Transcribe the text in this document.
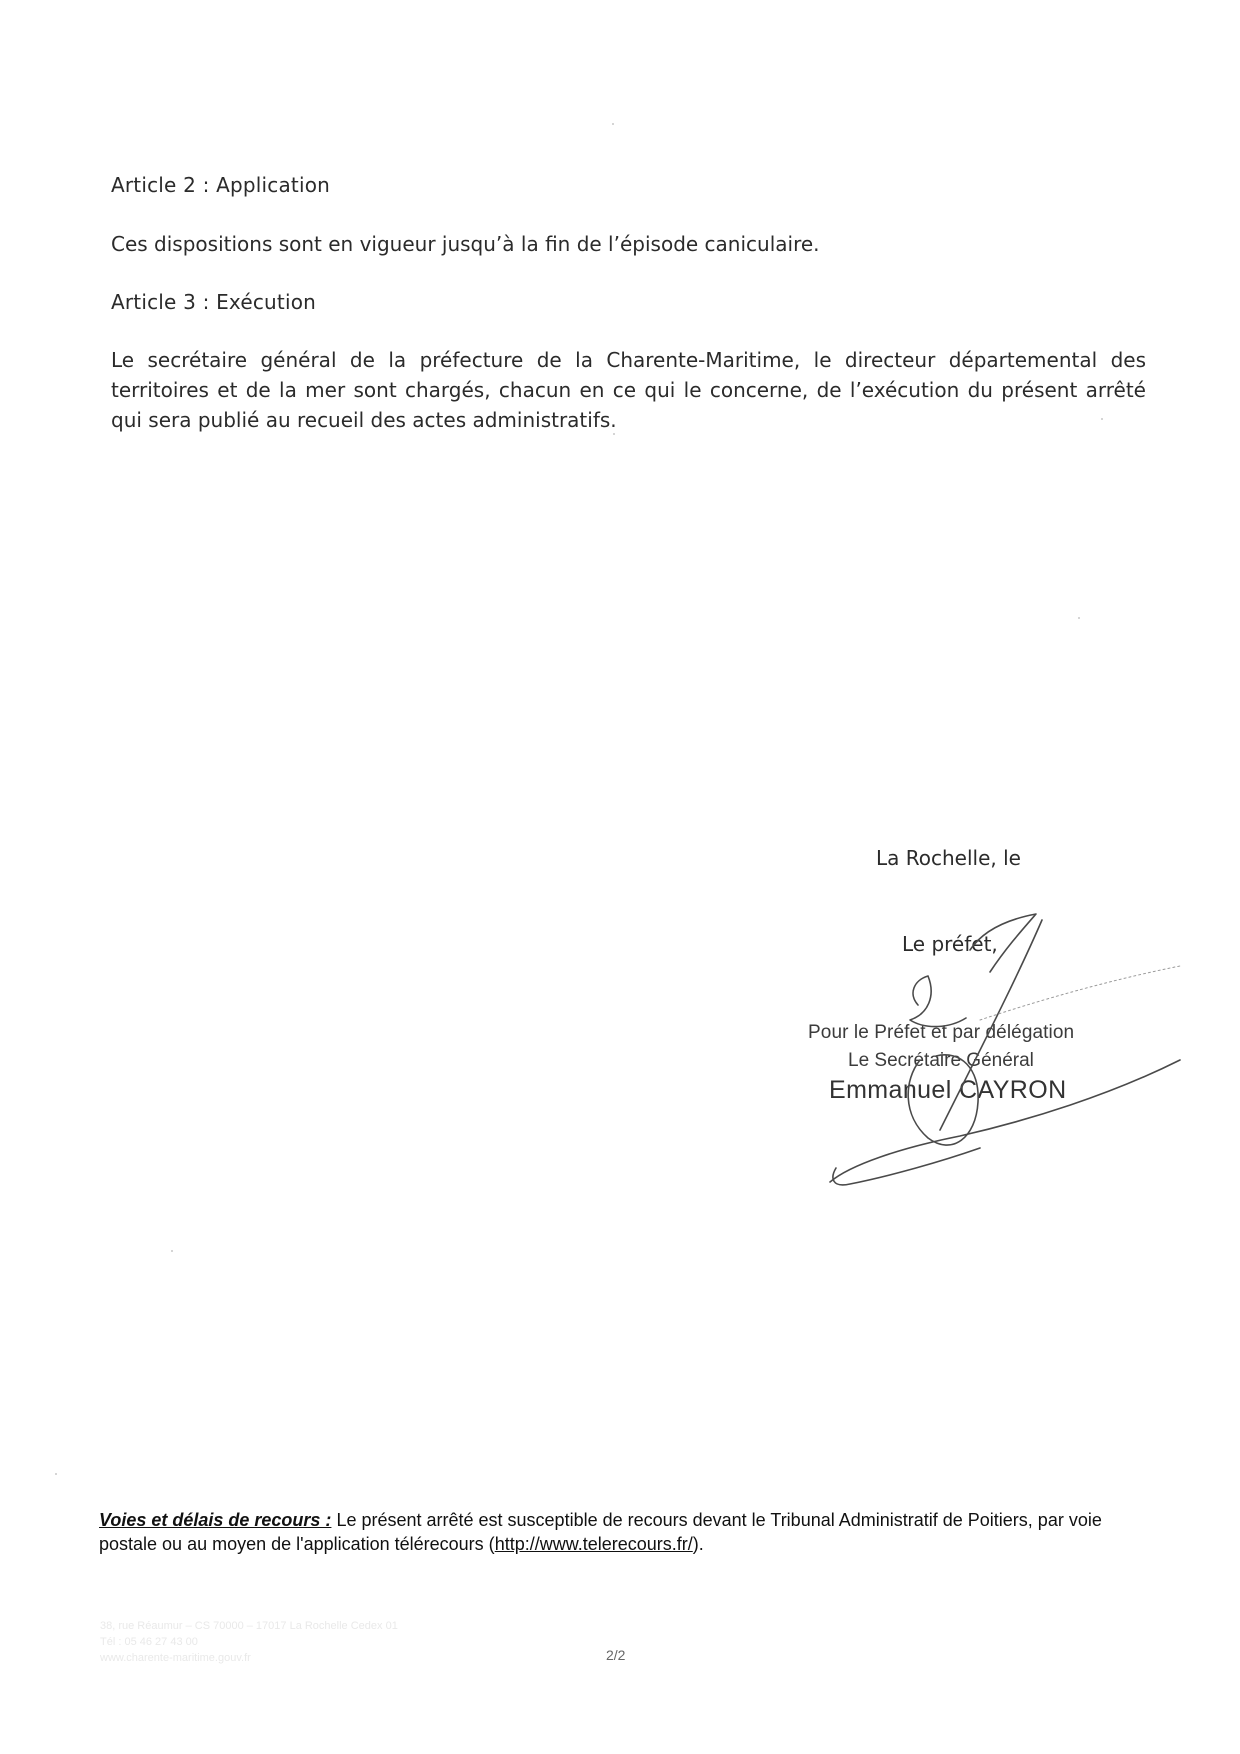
Article 2 : Application
Ces dispositions sont en vigueur jusqu’à la fin de l’épisode caniculaire.
Article 3 : Exécution
Le secrétaire général de la préfecture de la Charente-Maritime, le directeur départemental des territoires et de la mer sont chargés, chacun en ce qui le concerne, de l’exécution du présent arrêté qui sera publié au recueil des actes administratifs.
La Rochelle, le
Le préfet,
Pour le Préfet et par délégation
Le Secrétaire Général
Emmanuel CAYRON
Voies et délais de recours : Le présent arrêté est susceptible de recours devant le Tribunal Administratif de Poitiers, par voie postale ou au moyen de l'application télérecours (http://www.telerecours.fr/).
38, rue Réaumur – CS 70000 – 17017 La Rochelle Cedex 01
Tél : 05 46 27 43 00
www.charente-maritime.gouv.fr	2/2
